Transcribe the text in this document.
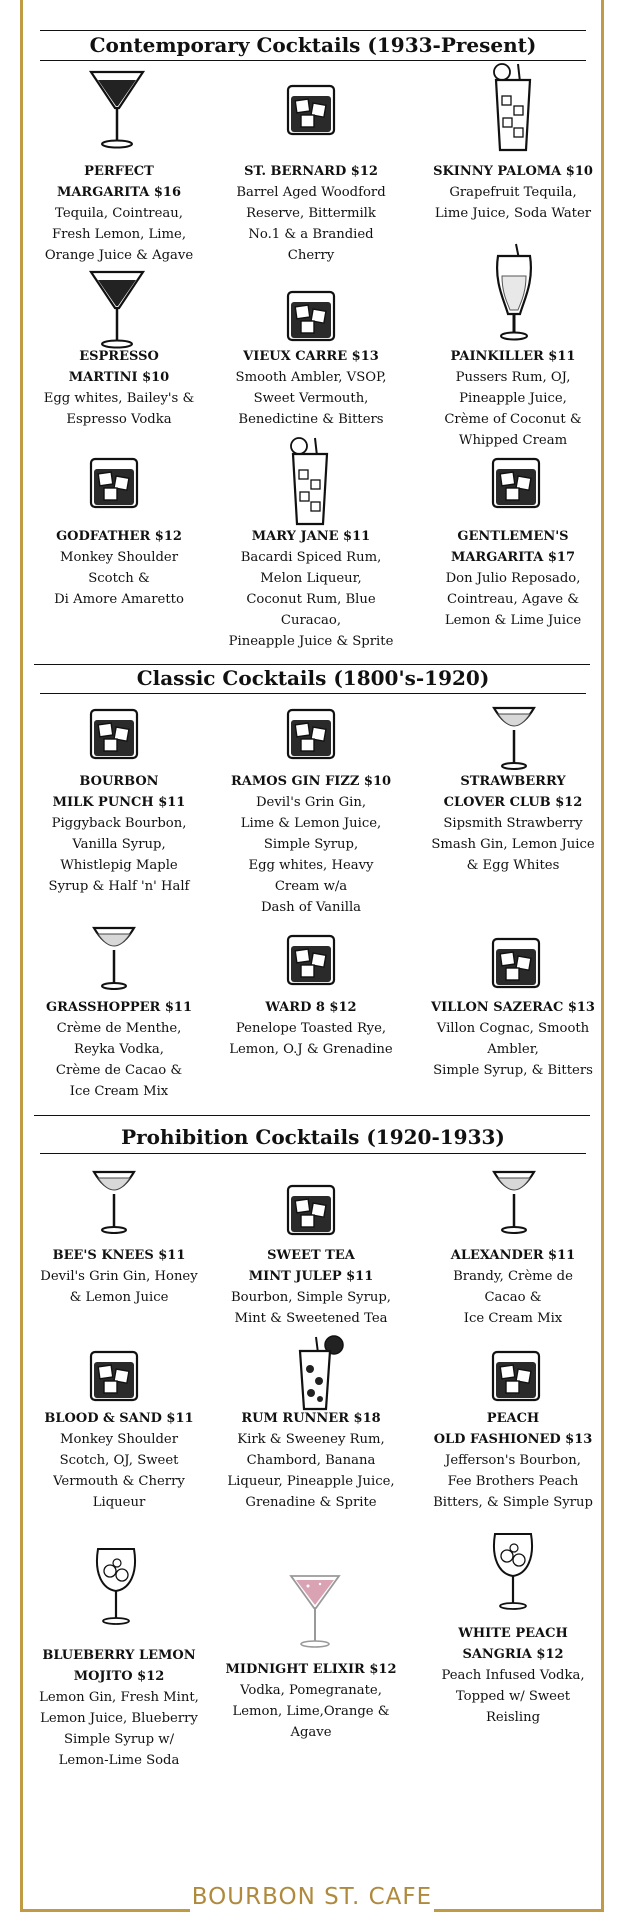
Contemporary Cocktails (1933-Present)
PERFECT
MARGARITA $16
Tequila, Cointreau,
Fresh Lemon, Lime,
Orange Juice & Agave
ST. BERNARD $12
Barrel Aged Woodford
Reserve, Bittermilk
No.1 & a Brandied
Cherry
SKINNY PALOMA $10
Grapefruit Tequila,
Lime Juice, Soda Water
ESPRESSO
MARTINI $10
Egg whites, Bailey's &
Espresso Vodka
VIEUX CARRE $13
Smooth Ambler, VSOP,
Sweet Vermouth,
Benedictine & Bitters
PAINKILLER $11
Pussers Rum, OJ,
Pineapple Juice,
Crème of Coconut &
Whipped Cream
GODFATHER $12
Monkey Shoulder
Scotch &
Di Amore Amaretto
MARY JANE $11
Bacardi Spiced Rum,
Melon Liqueur,
Coconut Rum, Blue
Curacao,
Pineapple Juice & Sprite
GENTLEMEN'S
MARGARITA $17
Don Julio Reposado,
Cointreau, Agave &
Lemon & Lime Juice
Classic Cocktails (1800's-1920)
BOURBON
MILK PUNCH $11
Piggyback Bourbon,
Vanilla Syrup,
Whistlepig Maple
Syrup & Half 'n' Half
RAMOS GIN FIZZ $10
Devil's Grin Gin,
Lime & Lemon Juice,
Simple Syrup,
Egg whites, Heavy
Cream w/a
Dash of Vanilla
STRAWBERRY
CLOVER CLUB $12
Sipsmith Strawberry
Smash Gin, Lemon Juice
& Egg Whites
GRASSHOPPER $11
Crème de Menthe,
Reyka Vodka,
Crème de Cacao &
Ice Cream Mix
WARD 8 $12
Penelope Toasted Rye,
Lemon, O.J & Grenadine
VILLON SAZERAC $13
Villon Cognac, Smooth
Ambler,
Simple Syrup, & Bitters
Prohibition Cocktails (1920-1933)
BEE'S KNEES $11
Devil's Grin Gin, Honey
& Lemon Juice
SWEET TEA
MINT JULEP $11
Bourbon, Simple Syrup,
Mint & Sweetened Tea
ALEXANDER $11
Brandy, Crème de
Cacao &
Ice Cream Mix
BLOOD & SAND $11
Monkey Shoulder
Scotch, OJ, Sweet
Vermouth & Cherry
Liqueur
RUM RUNNER $18
Kirk & Sweeney Rum,
Chambord, Banana
Liqueur, Pineapple Juice,
Grenadine & Sprite
PEACH
OLD FASHIONED $13
Jefferson's Bourbon,
Fee Brothers Peach
Bitters, & Simple Syrup
BLUEBERRY LEMON
MOJITO $12
Lemon Gin, Fresh Mint,
Lemon Juice, Blueberry
Simple Syrup w/
Lemon-Lime Soda
MIDNIGHT ELIXIR $12
Vodka, Pomegranate,
Lemon, Lime,Orange &
Agave
WHITE PEACH
SANGRIA $12
Peach Infused Vodka,
Topped w/ Sweet
Reisling
BOURBON ST. CAFE
